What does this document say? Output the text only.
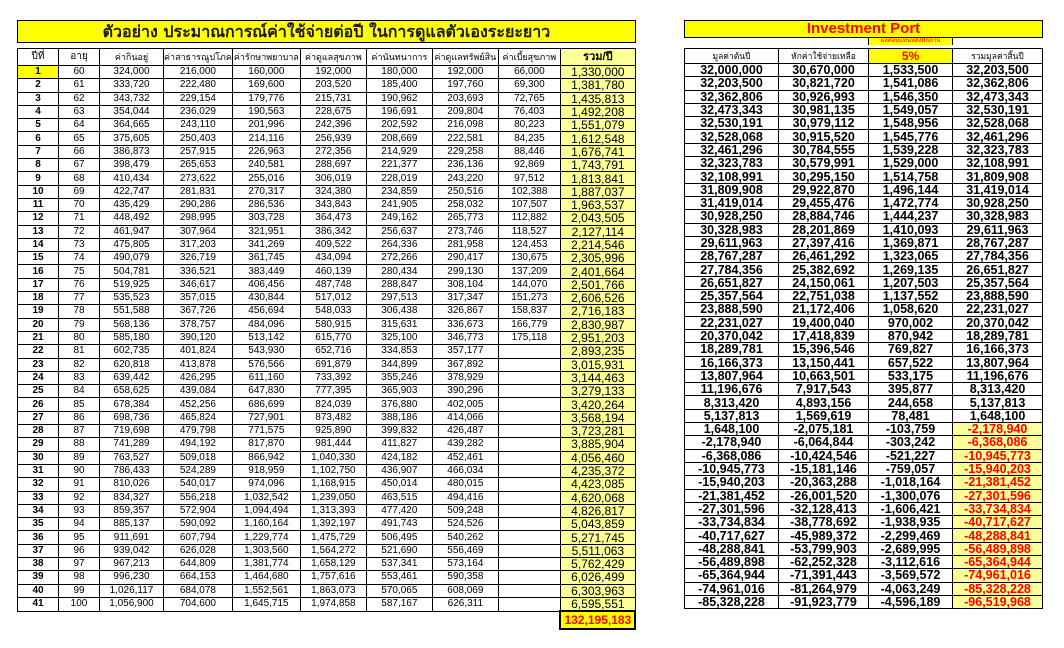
ตัวอย่าง ประมาณการณ์ค่าใช้จ่ายต่อปี ในการดูแลตัวเองระยะยาว									

ปีที่	อายุ	ค่ากินอยู่	ค่าสาธารณูปโภค	ค่ารักษาพยาบาล	ค่าดูแลสุขภาพ	ค่านันทนาการ	ค่าดูแลทรัพย์สิน	ค่าเบี้ยสุขภาพ	รวม/ปี
1	60	324,000	216,000	160,000	192,000	180,000	192,000	66,000	1,330,000
2	61	333,720	222,480	169,600	203,520	185,400	197,760	69,300	1,381,780
3	62	343,732	229,154	179,776	215,731	190,962	203,693	72,765	1,435,813
4	63	354,044	236,029	190,563	228,675	196,691	209,804	76,403	1,492,208
5	64	364,665	243,110	201,996	242,396	202,592	216,098	80,223	1,551,079
6	65	375,605	250,403	214,116	256,939	208,669	222,581	84,235	1,612,548
7	66	386,873	257,915	226,963	272,356	214,929	229,258	88,446	1,676,741
8	67	398,479	265,653	240,581	288,697	221,377	236,136	92,869	1,743,791
9	68	410,434	273,622	255,016	306,019	228,019	243,220	97,512	1,813,841
10	69	422,747	281,831	270,317	324,380	234,859	250,516	102,388	1,887,037
11	70	435,429	290,286	286,536	343,843	241,905	258,032	107,507	1,963,537
12	71	448,492	298,995	303,728	364,473	249,162	265,773	112,882	2,043,505
13	72	461,947	307,964	321,951	386,342	256,637	273,746	118,527	2,127,114
14	73	475,805	317,203	341,269	409,522	264,336	281,958	124,453	2,214,546
15	74	490,079	326,719	361,745	434,094	272,266	290,417	130,675	2,305,996
16	75	504,781	336,521	383,449	460,139	280,434	299,130	137,209	2,401,664
17	76	519,925	346,617	406,456	487,748	288,847	308,104	144,070	2,501,766
18	77	535,523	357,015	430,844	517,012	297,513	317,347	151,273	2,606,526
19	78	551,588	367,726	456,694	548,033	306,438	326,867	158,837	2,716,183
20	79	568,136	378,757	484,096	580,915	315,631	336,673	166,779	2,830,987
21	80	585,180	390,120	513,142	615,770	325,100	346,773	175,118	2,951,203
22	81	602,735	401,824	543,930	652,716	334,853	357,177		2,893,235
23	82	620,818	413,878	576,566	691,879	344,899	367,892		3,015,931
24	83	639,442	426,295	611,160	733,392	355,246	378,929		3,144,463
25	84	658,625	439,084	647,830	777,395	365,903	390,296		3,279,133
26	85	678,384	452,256	686,699	824,039	376,880	402,005		3,420,264
27	86	698,736	465,824	727,901	873,482	388,186	414,066		3,568,194
28	87	719,698	479,798	771,575	925,890	399,832	426,487		3,723,281
29	88	741,289	494,192	817,870	981,444	411,827	439,282		3,885,904
30	89	763,527	509,018	866,942	1,040,330	424,182	452,461		4,056,460
31	90	786,433	524,289	918,959	1,102,750	436,907	466,034		4,235,372
32	91	810,026	540,017	974,096	1,168,915	450,014	480,015		4,423,085
33	92	834,327	556,218	1,032,542	1,239,050	463,515	494,416		4,620,068
34	93	859,357	572,904	1,094,494	1,313,393	477,420	509,248		4,826,817
35	94	885,137	590,092	1,160,164	1,392,197	491,743	524,526		5,043,859
36	95	911,691	607,794	1,229,774	1,475,729	506,495	540,262		5,271,745
37	96	939,042	626,028	1,303,560	1,564,272	521,690	556,469		5,511,063
38	97	967,213	644,809	1,381,774	1,658,129	537,341	573,164		5,762,429
39	98	996,230	664,153	1,464,680	1,757,616	553,461	590,358		6,026,499
40	99	1,026,117	684,078	1,552,561	1,863,073	570,065	608,069		6,303,963
41	100	1,056,900	704,600	1,645,715	1,974,858	587,167	626,311		6,595,551
									132,195,183
Investment Port			
		ผลตอบแทนหลังหักภาษี	

มูลค่าต้นปี	หักค่าใช้จ่ายเหลือ	5%	รวมมูลค่าสิ้นปี
32,000,000	30,670,000	1,533,500	32,203,500
32,203,500	30,821,720	1,541,086	32,362,806
32,362,806	30,926,993	1,546,350	32,473,343
32,473,343	30,981,135	1,549,057	32,530,191
32,530,191	30,979,112	1,548,956	32,528,068
32,528,068	30,915,520	1,545,776	32,461,296
32,461,296	30,784,555	1,539,228	32,323,783
32,323,783	30,579,991	1,529,000	32,108,991
32,108,991	30,295,150	1,514,758	31,809,908
31,809,908	29,922,870	1,496,144	31,419,014
31,419,014	29,455,476	1,472,774	30,928,250
30,928,250	28,884,746	1,444,237	30,328,983
30,328,983	28,201,869	1,410,093	29,611,963
29,611,963	27,397,416	1,369,871	28,767,287
28,767,287	26,461,292	1,323,065	27,784,356
27,784,356	25,382,692	1,269,135	26,651,827
26,651,827	24,150,061	1,207,503	25,357,564
25,357,564	22,751,038	1,137,552	23,888,590
23,888,590	21,172,406	1,058,620	22,231,027
22,231,027	19,400,040	970,002	20,370,042
20,370,042	17,418,839	870,942	18,289,781
18,289,781	15,396,546	769,827	16,166,373
16,166,373	13,150,441	657,522	13,807,964
13,807,964	10,663,501	533,175	11,196,676
11,196,676	7,917,543	395,877	8,313,420
8,313,420	4,893,156	244,658	5,137,813
5,137,813	1,569,619	78,481	1,648,100
1,648,100	-2,075,181	-103,759	-2,178,940
-2,178,940	-6,064,844	-303,242	-6,368,086
-6,368,086	-10,424,546	-521,227	-10,945,773
-10,945,773	-15,181,146	-759,057	-15,940,203
-15,940,203	-20,363,288	-1,018,164	-21,381,452
-21,381,452	-26,001,520	-1,300,076	-27,301,596
-27,301,596	-32,128,413	-1,606,421	-33,734,834
-33,734,834	-38,778,692	-1,938,935	-40,717,627
-40,717,627	-45,989,372	-2,299,469	-48,288,841
-48,288,841	-53,799,903	-2,689,995	-56,489,898
-56,489,898	-62,252,328	-3,112,616	-65,364,944
-65,364,944	-71,391,443	-3,569,572	-74,961,016
-74,961,016	-81,264,979	-4,063,249	-85,328,228
-85,328,228	-91,923,779	-4,596,189	-96,519,968
